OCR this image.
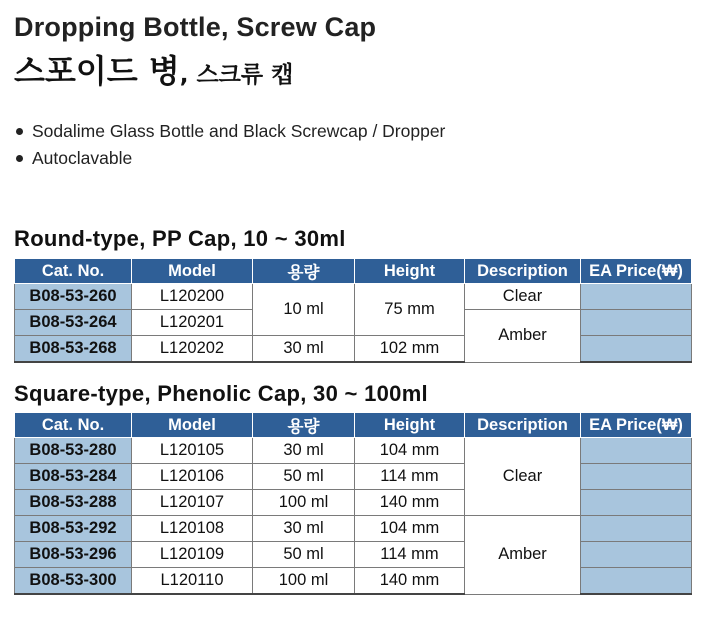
Dropping Bottle, Screw Cap
스포이드 병, 스크류 캡
Sodalime Glass Bottle and Black Screwcap / Dropper
Autoclavable
Round-type, PP Cap, 10 ~ 30ml
Cat. No.	Model	용량	Height	Description	EA Price(₩)
B08-53-260	L120200	10 ml	75 mm	Clear	
B08-53-264	L120201			Amber	
B08-53-268	L120202	30 ml	102 mm		
Square-type, Phenolic Cap, 30 ~ 100ml
Cat. No.	Model	용량	Height	Description	EA Price(₩)
B08-53-280	L120105	30 ml	104 mm	Clear	
B08-53-284	L120106	50 ml	114 mm		
B08-53-288	L120107	100 ml	140 mm		
B08-53-292	L120108	30 ml	104 mm	Amber	
B08-53-296	L120109	50 ml	114 mm		
B08-53-300	L120110	100 ml	140 mm		
